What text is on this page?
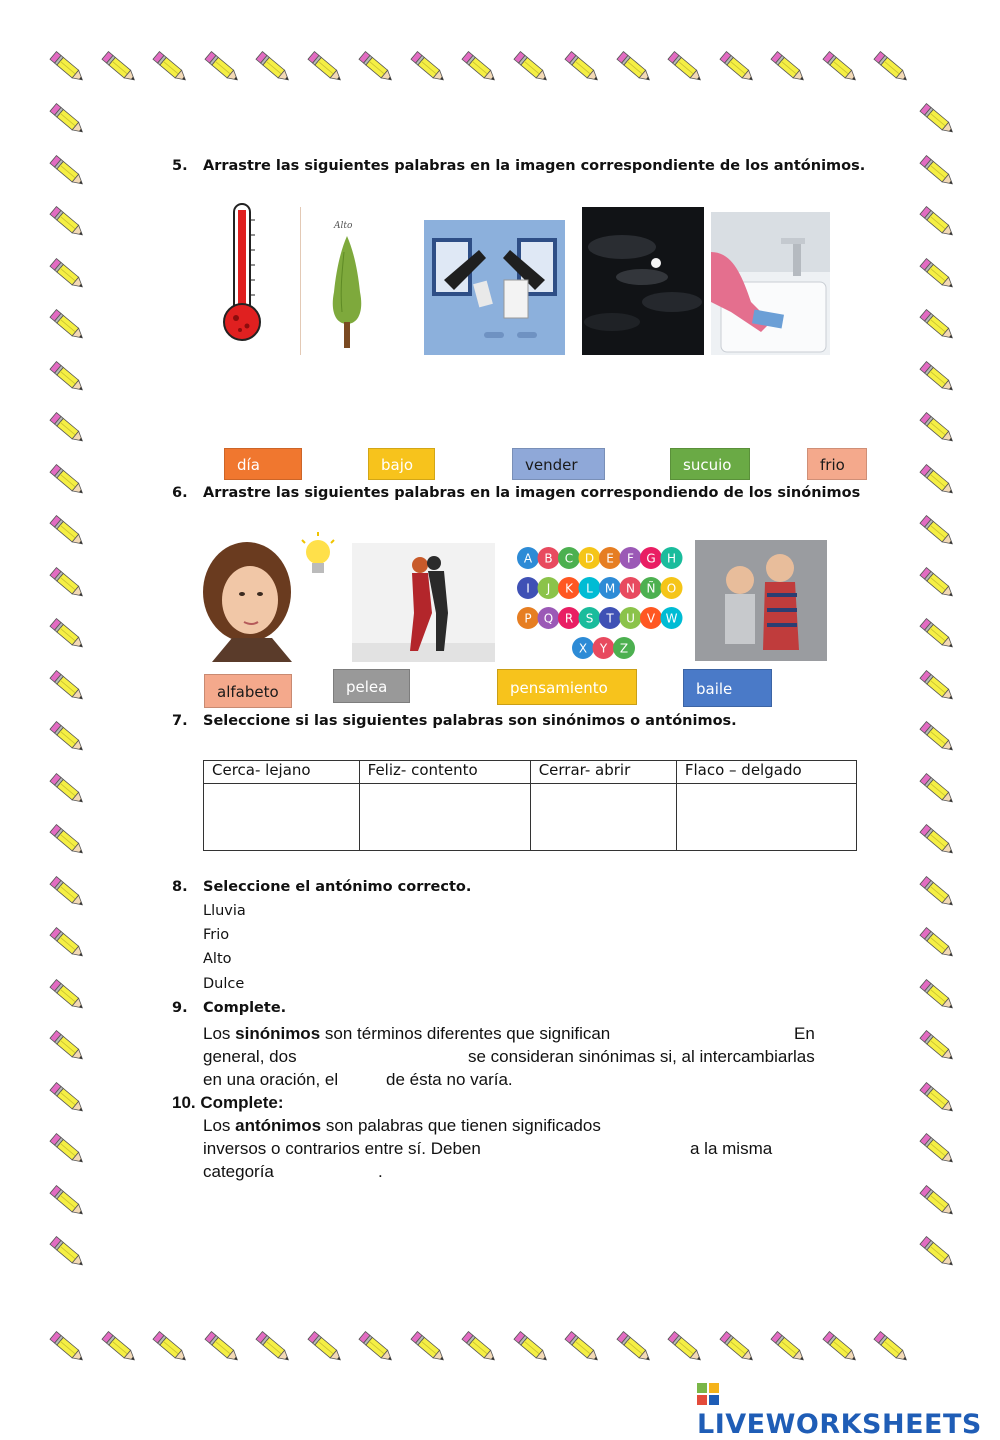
5. Arrastre las siguientes palabras en la imagen correspondiente de los antónimos.
Alto
día	bajo	vender	sucuio	frio
6. Arrastre las siguientes palabras en la imagen correspondiendo de los sinónimos
A B C D E F G H
I J K L M N Ñ O
P Q R S T U V W
X Y Z
alfabeto	pelea	pensamiento	baile
7. Seleccione si las siguientes palabras son sinónimos o antónimos.
Cerca- lejano	Feliz- contento	Cerrar- abrir	Flaco – delgado

8. Seleccione el antónimo correcto.
Lluvia
Frio
Alto
Dulce
9. Complete.
Los sinónimos son términos diferentes que significan	En
general, dos	se consideran sinónimas si, al intercambiarlas
en una oración, el	de ésta no varía.
10. Complete:
Los antónimos son palabras que tienen significados
inversos o contrarios entre sí. Deben	a la misma
categoría	.
LIVEWORKSHEETS
